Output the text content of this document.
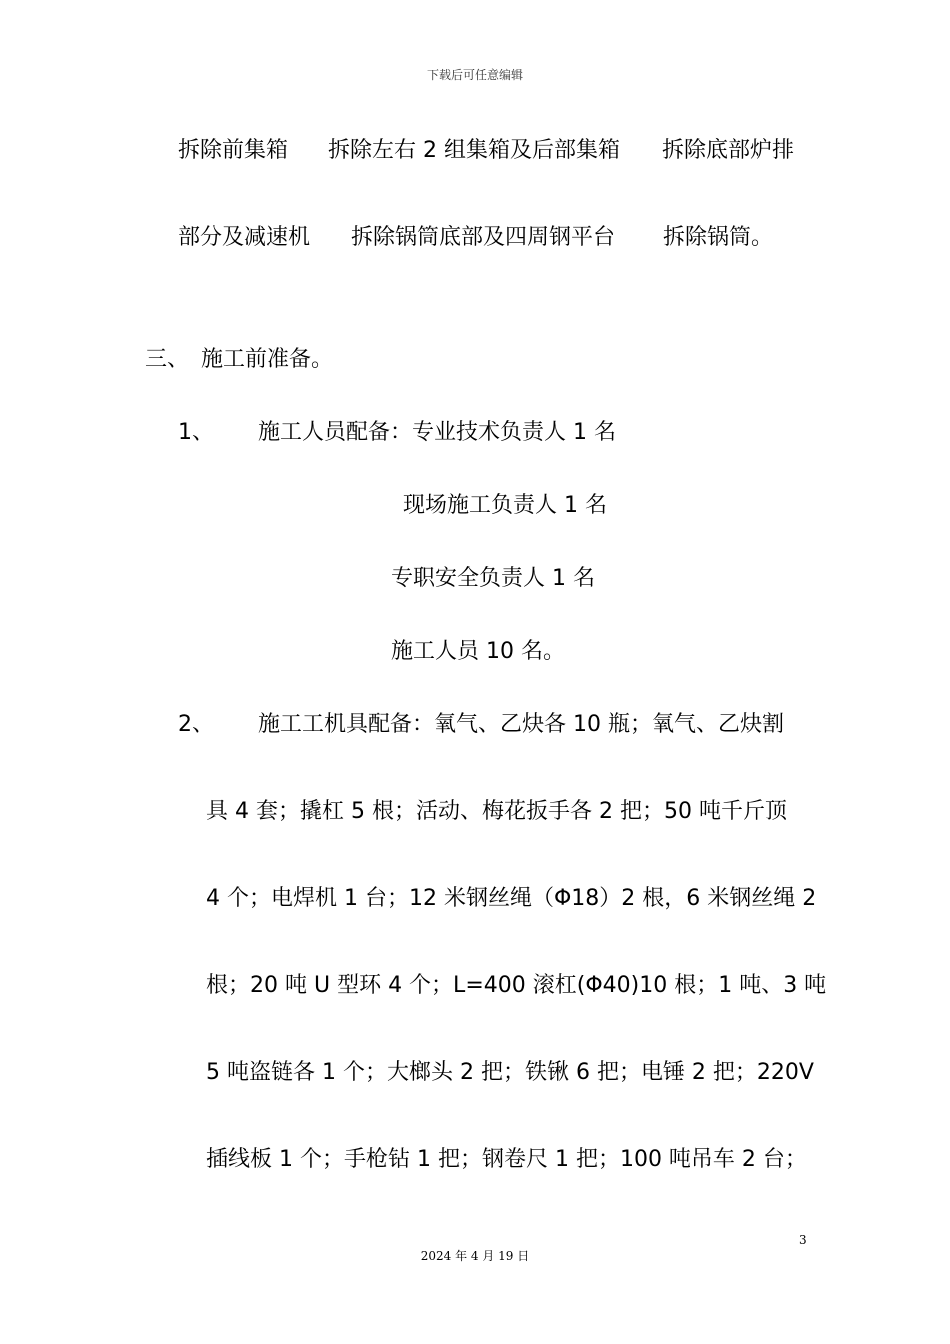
下载后可任意编辑
拆除前集箱 拆除左右 2 组集箱及后部集箱 拆除底部炉排
部分及减速机 拆除锅筒底部及四周钢平台 拆除锅筒。
三、 施工前准备。
1、 施工人员配备：专业技术负责人 1 名
现场施工负责人 1 名
专职安全负责人 1 名
施工人员 10 名。
2、 施工工机具配备：氧气、乙炔各 10 瓶；氧气、乙炔割
具 4 套；撬杠 5 根；活动、梅花扳手各 2 把；50 吨千斤顶
4 个；电焊机 1 台；12 米钢丝绳（Φ18）2 根，6 米钢丝绳 2
根；20 吨 U 型环 4 个；L=400 滚杠(Φ40)10 根；1 吨、3 吨
5 吨盗链各 1 个；大榔头 2 把；铁锹 6 把；电锤 2 把；220V
插线板 1 个；手枪钻 1 把；钢卷尺 1 把；100 吨吊车 2 台；
3
2024 年 4 月 19 日
